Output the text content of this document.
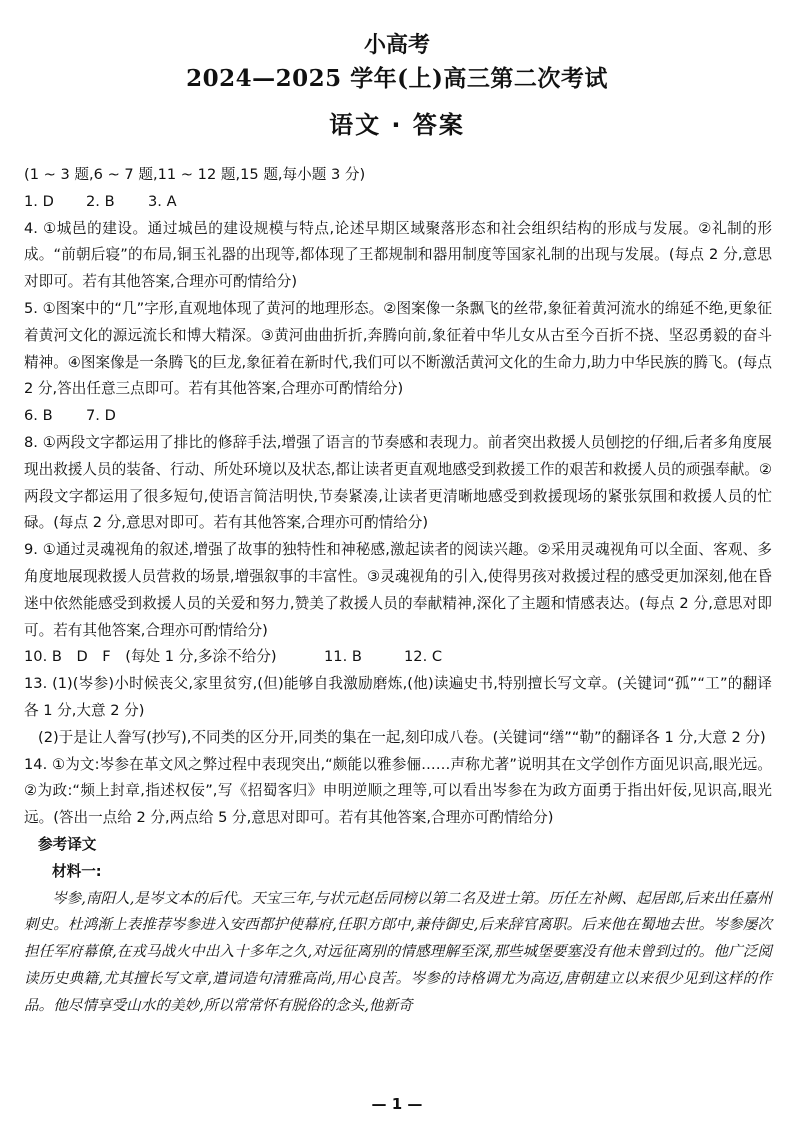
小高考
2024—2025 学年(上)高三第二次考试
语文 · 答案

(1 ~ 3 题,6 ~ 7 题,11 ~ 12 题,15 题,每小题 3 分)

1. D 2. B 3. A

4. ①城邑的建设。通过城邑的建设规模与特点,论述早期区域聚落形态和社会组织结构的形成与发展。②礼制的形成。“前朝后寝”的布局,铜玉礼器的出现等,都体现了王都规制和器用制度等国家礼制的出现与发展。(每点 2 分,意思对即可。若有其他答案,合理亦可酌情给分)

5. ①图案中的“几”字形,直观地体现了黄河的地理形态。②图案像一条飘飞的丝带,象征着黄河流水的绵延不绝,更象征着黄河文化的源远流长和博大精深。③黄河曲曲折折,奔腾向前,象征着中华儿女从古至今百折不挠、坚忍勇毅的奋斗精神。④图案像是一条腾飞的巨龙,象征着在新时代,我们可以不断激活黄河文化的生命力,助力中华民族的腾飞。(每点 2 分,答出任意三点即可。若有其他答案,合理亦可酌情给分)

6. B 7. D

8. ①两段文字都运用了排比的修辞手法,增强了语言的节奏感和表现力。前者突出救援人员刨挖的仔细,后者多角度展现出救援人员的装备、行动、所处环境以及状态,都让读者更直观地感受到救援工作的艰苦和救援人员的顽强奉献。②两段文字都运用了很多短句,使语言简洁明快,节奏紧凑,让读者更清晰地感受到救援现场的紧张氛围和救援人员的忙碌。(每点 2 分,意思对即可。若有其他答案,合理亦可酌情给分)

9. ①通过灵魂视角的叙述,增强了故事的独特性和神秘感,激起读者的阅读兴趣。②采用灵魂视角可以全面、客观、多角度地展现救援人员营救的场景,增强叙事的丰富性。③灵魂视角的引入,使得男孩对救援过程的感受更加深刻,他在昏迷中依然能感受到救援人员的关爱和努力,赞美了救援人员的奉献精神,深化了主题和情感表达。(每点 2 分,意思对即可。若有其他答案,合理亦可酌情给分)

10. B　D　F　(每处 1 分,多涂不给分)	11. B	12. C

13. (1)(岑参)小时候丧父,家里贫穷,(但)能够自我激励磨炼,(他)读遍史书,特别擅长写文章。(关键词“孤”“工”的翻译各 1 分,大意 2 分)

(2)于是让人誊写(抄写),不同类的区分开,同类的集在一起,刻印成八卷。(关键词“缮”“勒”的翻译各 1 分,大意 2 分)

14. ①为文:岑参在革文风之弊过程中表现突出,“颇能以雅参俪……声称尤著”说明其在文学创作方面见识高,眼光远。②为政:“频上封章,指述权佞”,写《招蜀客归》申明逆顺之理等,可以看出岑参在为政方面勇于指出奸佞,见识高,眼光远。(答出一点给 2 分,两点给 5 分,意思对即可。若有其他答案,合理亦可酌情给分)

参考译文

材料一:

岑参,南阳人,是岑文本的后代。天宝三年,与状元赵岳同榜以第二名及进士第。历任左补阙、起居郎,后来出任嘉州刺史。杜鸿渐上表推荐岑参进入安西都护使幕府,任职方郎中,兼侍御史,后来辞官离职。后来他在蜀地去世。岑参屡次担任军府幕僚,在戎马战火中出入十多年之久,对远征离别的情感理解至深,那些城堡要塞没有他未曾到过的。他广泛阅读历史典籍,尤其擅长写文章,遣词造句清雅高尚,用心良苦。岑参的诗格调尤为高迈,唐朝建立以来很少见到这样的作品。他尽情享受山水的美妙,所以常常怀有脱俗的念头,他新奇

— 1 —
